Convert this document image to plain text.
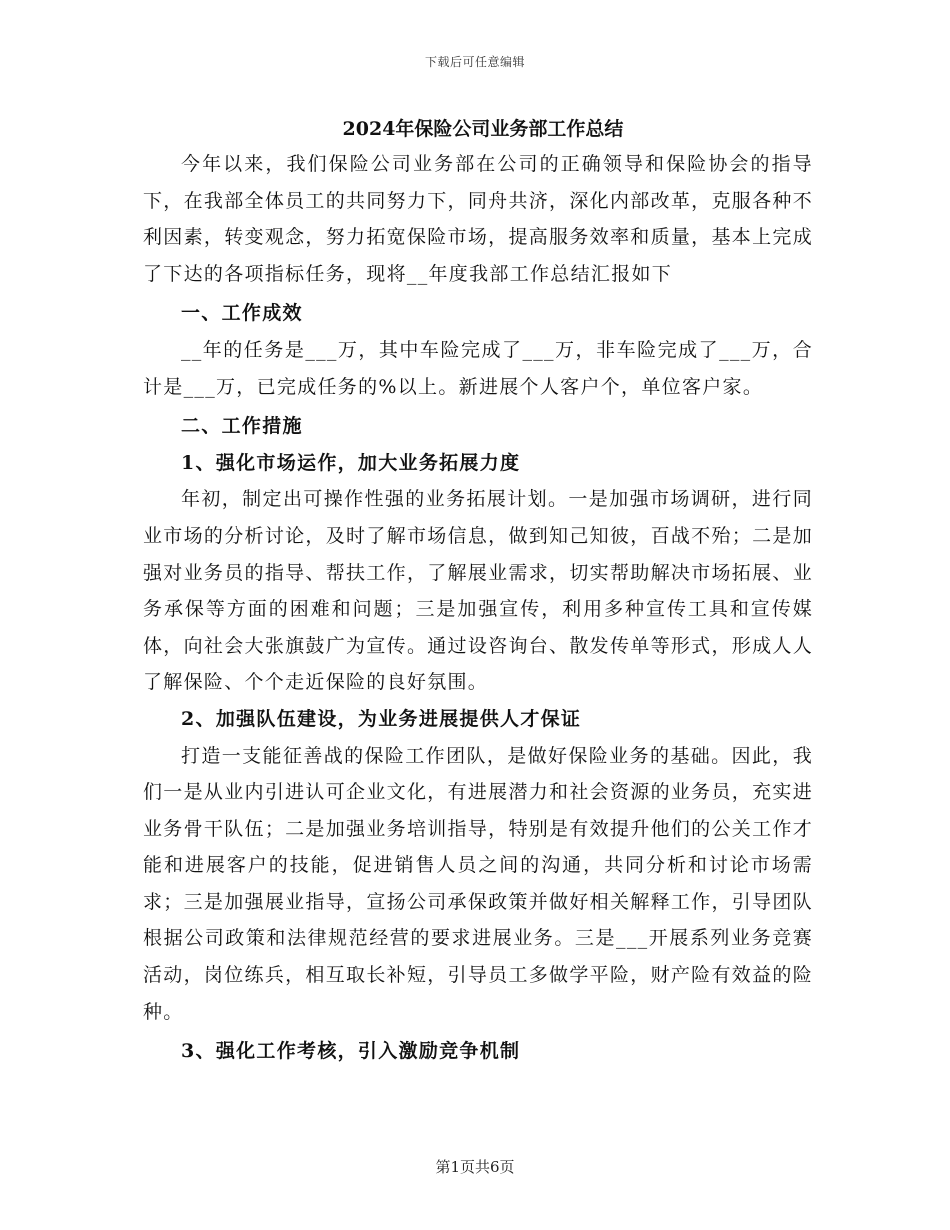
下载后可任意编辑
2024年保险公司业务部工作总结

今年以来，我们保险公司业务部在公司的正确领导和保险协会的指导下，在我部全体员工的共同努力下，同舟共济，深化内部改革，克服各种不利因素，转变观念，努力拓宽保险市场，提高服务效率和质量，基本上完成了下达的各项指标任务，现将__年度我部工作总结汇报如下

一、工作成效

__年的任务是___万，其中车险完成了___万，非车险完成了___万，合计是___万，已完成任务的%以上。新进展个人客户个，单位客户家。

二、工作措施

1、强化市场运作，加大业务拓展力度

年初，制定出可操作性强的业务拓展计划。一是加强市场调研，进行同业市场的分析讨论，及时了解市场信息，做到知己知彼，百战不殆；二是加强对业务员的指导、帮扶工作，了解展业需求，切实帮助解决市场拓展、业务承保等方面的困难和问题；三是加强宣传，利用多种宣传工具和宣传媒体，向社会大张旗鼓广为宣传。通过设咨询台、散发传单等形式，形成人人了解保险、个个走近保险的良好氛围。

2、加强队伍建设，为业务进展提供人才保证

打造一支能征善战的保险工作团队，是做好保险业务的基础。因此，我们一是从业内引进认可企业文化，有进展潜力和社会资源的业务员，充实进业务骨干队伍；二是加强业务培训指导，特别是有效提升他们的公关工作才能和进展客户的技能，促进销售人员之间的沟通，共同分析和讨论市场需求；三是加强展业指导，宣扬公司承保政策并做好相关解释工作，引导团队根据公司政策和法律规范经营的要求进展业务。三是___开展系列业务竞赛活动，岗位练兵，相互取长补短，引导员工多做学平险，财产险有效益的险种。

3、强化工作考核，引入激励竞争机制

第1页共6页
